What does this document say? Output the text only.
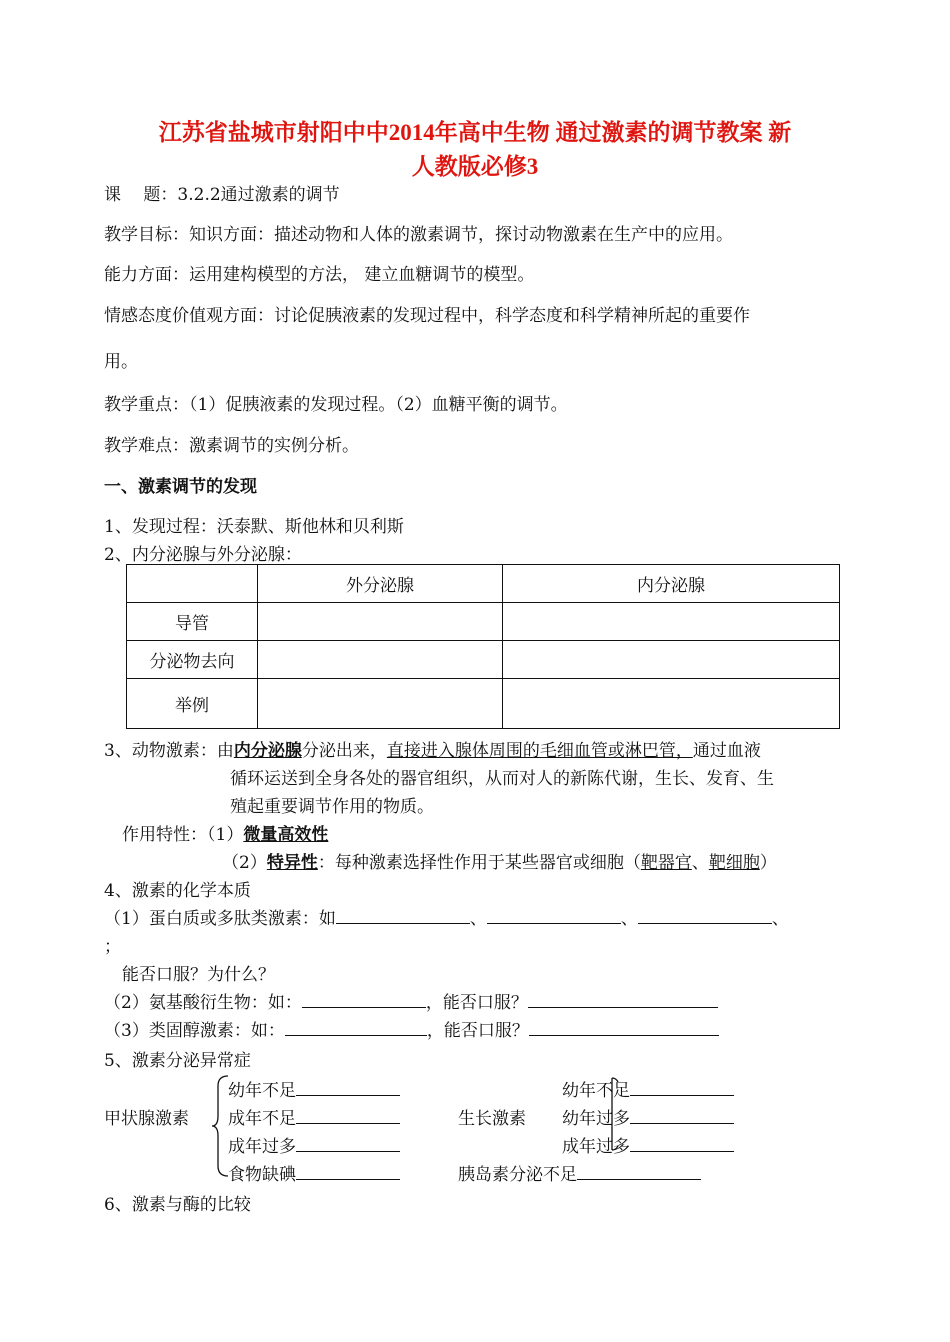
江苏省盐城市射阳中中2014年高中生物 通过激素的调节教案 新
人教版必修3
课　 题：3.2.2通过激素的调节
教学目标：知识方面：描述动物和人体的激素调节，探讨动物激素在生产中的应用。
能力方面：运用建构模型的方法， 建立血糖调节的模型。
情感态度价值观方面：讨论促胰液素的发现过程中，科学态度和科学精神所起的重要作
用。
教学重点：（1）促胰液素的发现过程。（2）血糖平衡的调节。
教学难点：激素调节的实例分析。
一、激素调节的发现
1、发现过程：沃泰默、斯他林和贝利斯
2、内分泌腺与外分泌腺：
	外分泌腺	内分泌腺
导管		
分泌物去向		
举例		
3、动物激素：由内分泌腺分泌出来，直接进入腺体周围的毛细血管或淋巴管，通过血液
循环运送到全身各处的器官组织，从而对人的新陈代谢，生长、发育、生
殖起重要调节作用的物质。
作用特性：（1）微量高效性
（2）特异性：每种激素选择性作用于某些器官或细胞（靶器官、靶细胞）
4、激素的化学本质
（1）蛋白质或多肽类激素：如	、	、	、
；
能否口服？为什么？
（2）氨基酸衍生物：如：	，能否口服？
（3）类固醇激素：如：	，能否口服？
5、激素分泌异常症
甲状腺激素
幼年不足
成年不足
成年过多
食物缺碘
生长激素
幼年不足
幼年过多
成年过多
胰岛素分泌不足
6、激素与酶的比较
